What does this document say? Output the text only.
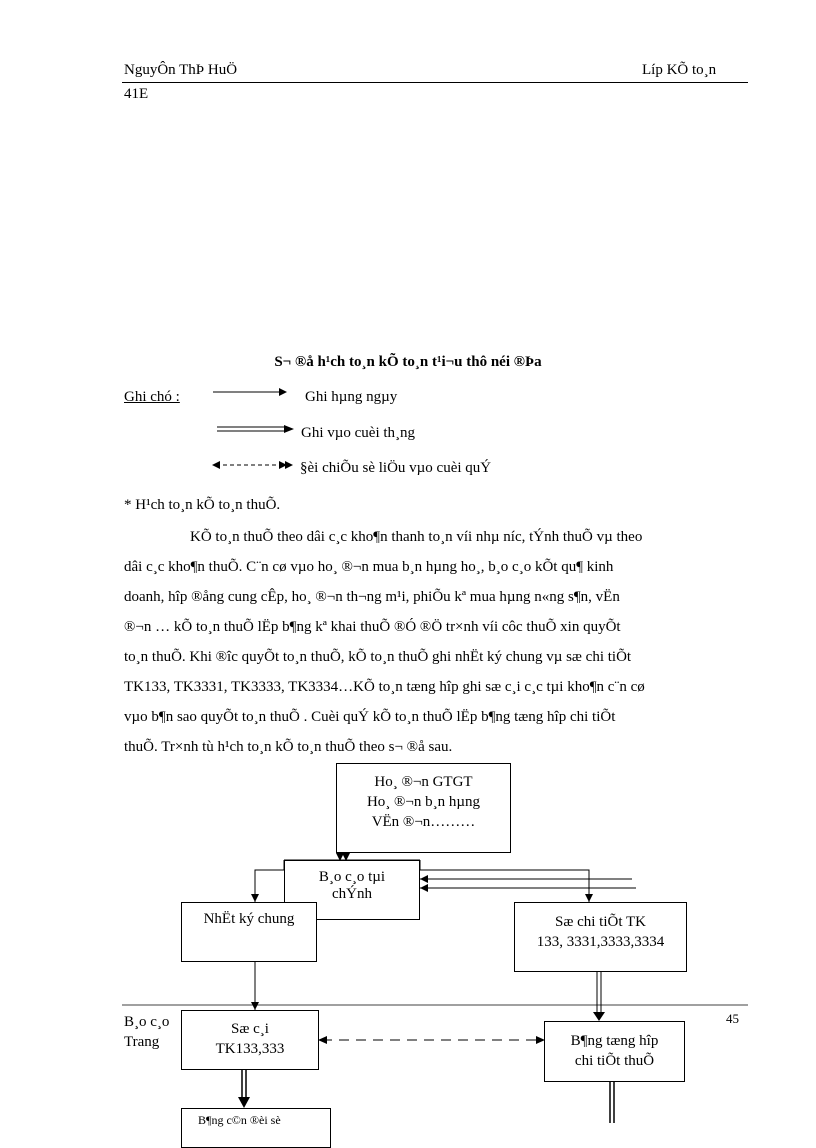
NguyÔn ThÞ HuÖ
41E
Líp KÕ to¸n
S¬ ®å h¹ch to¸n kÕ to¸n t¹i¬u thô néi ®Þa
Ghi chó :	Ghi hµng ngµy
Ghi vµo cuèi th¸ng
§èi chiÕu sè liÖu vµo cuèi quÝ
* H¹ch to¸n kÕ to¸n thuÕ.
KÕ to¸n thuÕ theo dâi c¸c kho¶n thanh to¸n víi nhµ níc, tÝnh thuÕ vµ theo
dâi c¸c kho¶n thuÕ. C¨n cø vµo ho¸ ®¬n mua b¸n hµng ho¸, b¸o c¸o kÕt qu¶ kinh
doanh, hîp ®ång cung cÊp, ho¸ ®¬n th¬ng m¹i, phiÕu kª mua hµng n«ng s¶n, vËn
®¬n … kÕ to¸n thuÕ lËp b¶ng kª khai thuÕ ®Ó ®Ö tr×nh víi côc thuÕ xin quyÕt
to¸n thuÕ. Khi ®îc quyÕt to¸n thuÕ, kÕ to¸n thuÕ ghi nhËt ký chung vµ sæ chi tiÕt
TK133, TK3331, TK3333, TK3334…KÕ to¸n tæng hîp ghi sæ c¸i c¸c tµi kho¶n c¨n cø
vµo b¶n sao quyÕt to¸n thuÕ . Cuèi quÝ kÕ to¸n thuÕ lËp b¶ng tæng hîp chi tiÕt
thuÕ. Tr×nh tù h¹ch to¸n kÕ to¸n thuÕ theo s¬ ®å sau.
Ho¸ ®¬n GTGT
Ho¸ ®¬n b¸n hµng
VËn ®¬n………
B¸o c¸o tµi
chÝnh
NhËt ký chung	Sæ chi tiÕt TK
133, 3331,3333,3334
Sæ c¸i
TK133,333	B¶ng tæng hîp
chi tiÕt thuÕ
B¶ng c©n ®èi sè
B¸o c¸o
Trang
45
